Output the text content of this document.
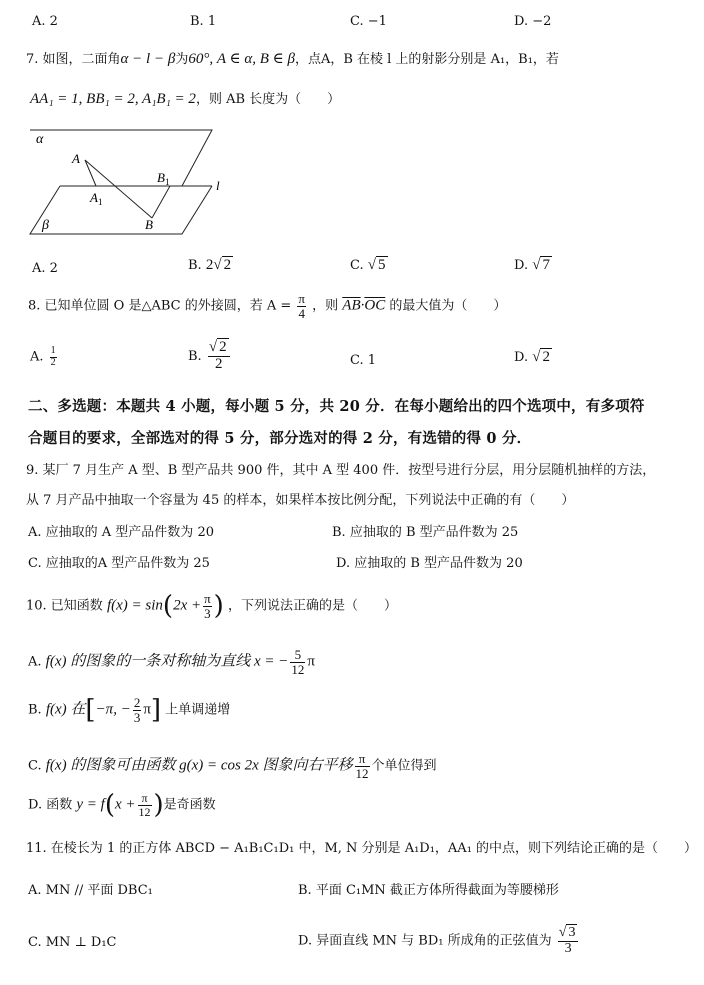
A. 2	B. 1	C. −1	D. −2
7. 如图，二面角α − l − β为60°, A ∈ α, B ∈ β，点A，B 在棱 l 上的射影分别是 A₁，B₁，若
AA₁ = 1, BB₁ = 2, A₁B₁ = 2，则 AB 长度为（　　）
α
β
l
A
$A_1$
$B_1$
B
A. 2	B. 2√ 2	C. √ 5	D. √ 7
8. 已知单位圆 O 是△ABC 的外接圆，若 $A = \frac{\pi}{4}$ ，则 $\overline{AB}\cdot\overline{OC}$ 的最大值为（　　）
A. $\frac{1}{2}$	B. $\frac{√ 2}{2}$	C. 1	D. √ 2
二、多选题：本题共 4 小题，每小题 5 分，共 20 分．在每小题给出的四个选项中，有多项符
合题目的要求，全部选对的得 5 分，部分选对的得 2 分，有选错的得 0 分．
9. 某厂 7 月生产 A 型、B 型产品共 900 件，其中 A 型 400 件．按型号进行分层，用分层随机抽样的方法，
从 7 月产品中抽取一个容量为 45 的样本，如果样本按比例分配，下列说法中正确的有（　　）
A. 应抽取的 A 型产品件数为 20	B. 应抽取的 B 型产品件数为 25
C. 应抽取的A 型产品件数为 25	D. 应抽取的 B 型产品件数为 20
10. 已知函数 $f(x) = \sin(2x + \frac{\pi}{3}$ ) ，下列说法正确的是（　　）
A. f(x) 的图象的一条对称轴为直线 x = − $\frac{5}{12}$ π
B. f(x) 在[−π, − $\frac{2}{3} \pi$] 上单调递增
C. f(x) 的图象可由函数 g(x) = cos 2x 图象向右平移 $\frac{\pi}{12}$ 个单位得到
D. 函数 $y = f(x + \frac{\pi}{12}$ )是奇函数
11. 在棱长为 1 的正方体 ABCD − A₁B₁C₁D₁ 中，M, N 分别是 A₁D₁，AA₁ 的中点，则下列结论正确的是（　　）
A. MN // 平面 DBC₁	B. 平面 C₁MN 截正方体所得截面为等腰梯形
C. MN ⊥ D₁C	D. 异面直线 MN 与 BD₁ 所成角的正弦值为 $\frac{√ 3}{3}$
